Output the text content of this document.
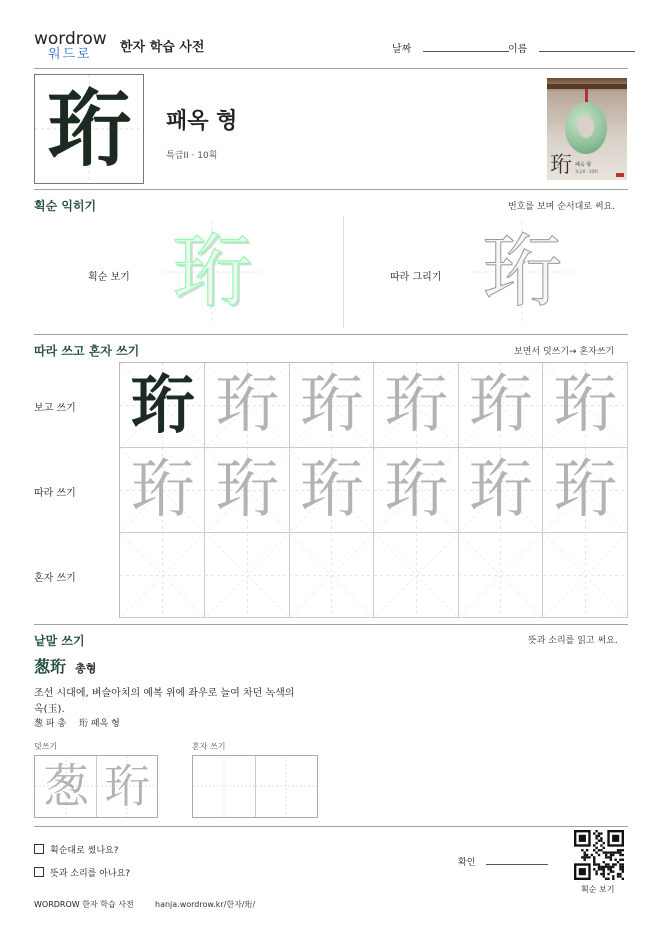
wordrow
워드로	한자 학습 사전	날짜	이름
珩	패옥 형
특급II · 10획	珩 패옥 형
특급II · 10획
획순 익히기	번호를 보며 순서대로 써요.
획순 보기 珩	따라 그리기 珩
따라 쓰고 혼자 쓰기	보면서 덧쓰기→ 혼자쓰기
보고 쓰기
따라 쓰기
혼자 쓰기
珩 珩 珩 珩 珩 珩
珩 珩 珩 珩 珩 珩
낱말 쓰기	뜻과 소리를 읽고 써요.
葱珩 총형
조선 시대에, 벼슬아치의 예복 위에 좌우로 늘여 차던 녹색의
옥(玉).
葱 파 총 珩 패옥 형
덧쓰기	혼자 쓰기
葱 珩
획순대로 썼나요?
뜻과 소리를 아나요?
확인
획순 보기
WORDROW 한자 학습 사전	hanja.wordrow.kr/한자/珩/
